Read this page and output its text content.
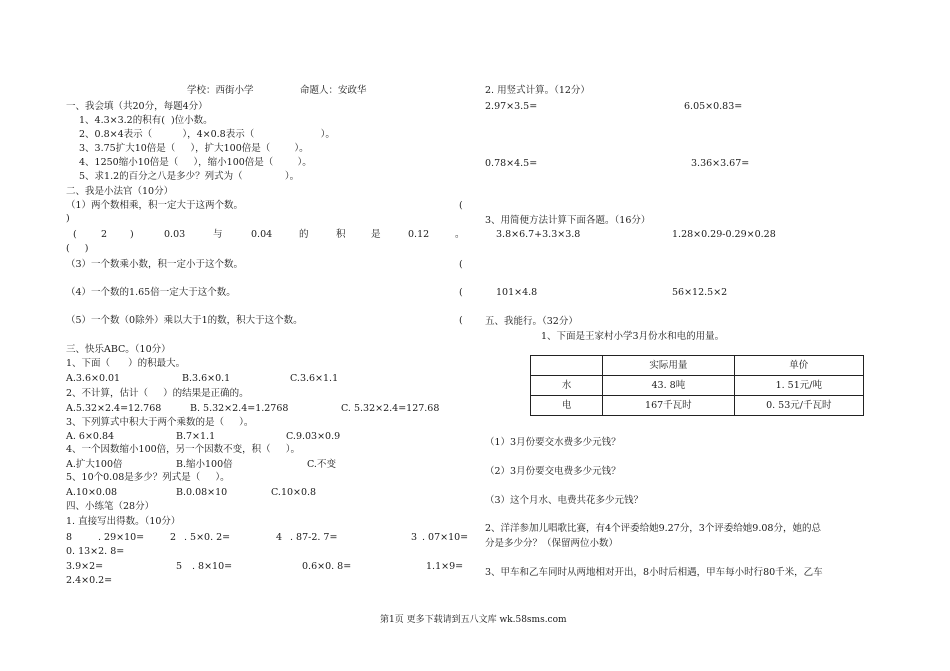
学校：西街小学	命题人：安政华
一、我会填（共20分，每题4分）
1、4.3×3.2的积有(  )位小数。
2、0.8×4表示（          ），4×0.8表示（                      ）。
3、3.75扩大10倍是（     ），扩大100倍是（        ）。
4、1250缩小10倍是（     ），缩小100倍是（        ）。
5、求1.2的百分之八是多少？列式为（              ）。
二、我是小法官（10分）
（1）两个数相乘，积一定大于这两个数。	(
)
(	2 )	0.03	与	0.04	的	积	是	0.12	。
(     )
（3）一个数乘小数，积一定小于这个数。	(
（4）一个数的1.65倍一定大于这个数。	(
（5）一个数（0除外）乘以大于1的数，积大于这个数。	(
三、快乐ABC。（10分）
1、下面（      ）的积最大。
A.3.6×0.01	B.3.6×0.1	C.3.6×1.1
2、不计算，估计（     ）的结果是正确的。
A.5.32×2.4=12.768	B. 5.32×2.4=1.2768	C. 5.32×2.4=127.68
3、下列算式中积大于两个乘数的是（     ）。
A. 6×0.84	B.7×1.1	C.9.03×0.9
4、一个因数缩小100倍，另一个因数不变，积（     ）。
A.扩大100倍	B.缩小100倍	C.不变
5、10个0.08是多少？列式是（     ）。
A.10×0.08	B.0.08×10	C.10×0.8
四、小练笔（28分）
1. 直接写出得数。（10分）
8	. 29×10=	2 . 5×0. 2=	4 . 87-2. 7=	3 . 07×10=
0. 13×2. 8=
3.9×2=	5 . 8×10=	0.6×0. 8=	1.1×9=
2.4×0.2=
2. 用竖式计算。（12分）
2.97×3.5=	6.05×0.83=
0.78×4.5=	3.36×3.67=
3、用简便方法计算下面各题。（16分）
3.8×6.7+3.3×3.8	1.28×0.29-0.29×0.28
101×4.8	56×12.5×2
五、我能行。（32分）
1、下面是王家村小学3月份水和电的用量。
	实际用量	单价
水	43. 8吨	1. 51元/吨
电	167千瓦时	0. 53元/千瓦时
（1）3月份要交水费多少元钱？
（2）3月份要交电费多少元钱？
（3）这个月水、电费共花多少元钱？
2、洋洋参加儿唱歌比赛，有4个评委给她9.27分，3个评委给她9.08分，她的总
分是多少分？（保留两位小数）
3、甲车和乙车同时从两地相对开出，8小时后相遇，甲车每小时行80千米，乙车
第1页 更多下载请到五八文库 wk.58sms.com
